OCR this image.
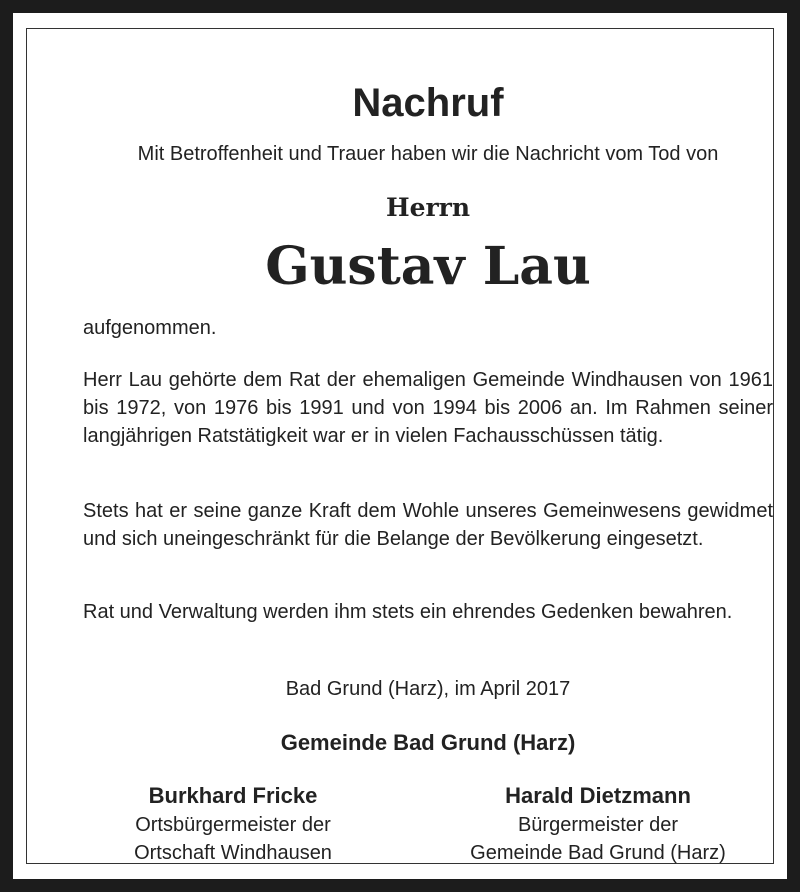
Nachruf

Mit Betroffenheit und Trauer haben wir die Nachricht vom Tod von

Herrn

Gustav Lau

aufgenommen.

Herr Lau gehörte dem Rat der ehemaligen Gemeinde Windhausen von 1961 bis 1972, von 1976 bis 1991 und von 1994 bis 2006 an. Im Rahmen seiner langjährigen Ratstätigkeit war er in vielen Fachausschüssen tätig.

Stets hat er seine ganze Kraft dem Wohle unseres Gemeinwesens gewidmet und sich uneingeschränkt für die Belange der Bevölkerung eingesetzt.

Rat und Verwaltung werden ihm stets ein ehrendes Gedenken bewahren.

Bad Grund (Harz), im April 2017

Gemeinde Bad Grund (Harz)

Burkhard Fricke

Ortsbürgermeister der

Ortschaft Windhausen

Harald Dietzmann

Bürgermeister der

Gemeinde Bad Grund (Harz)
